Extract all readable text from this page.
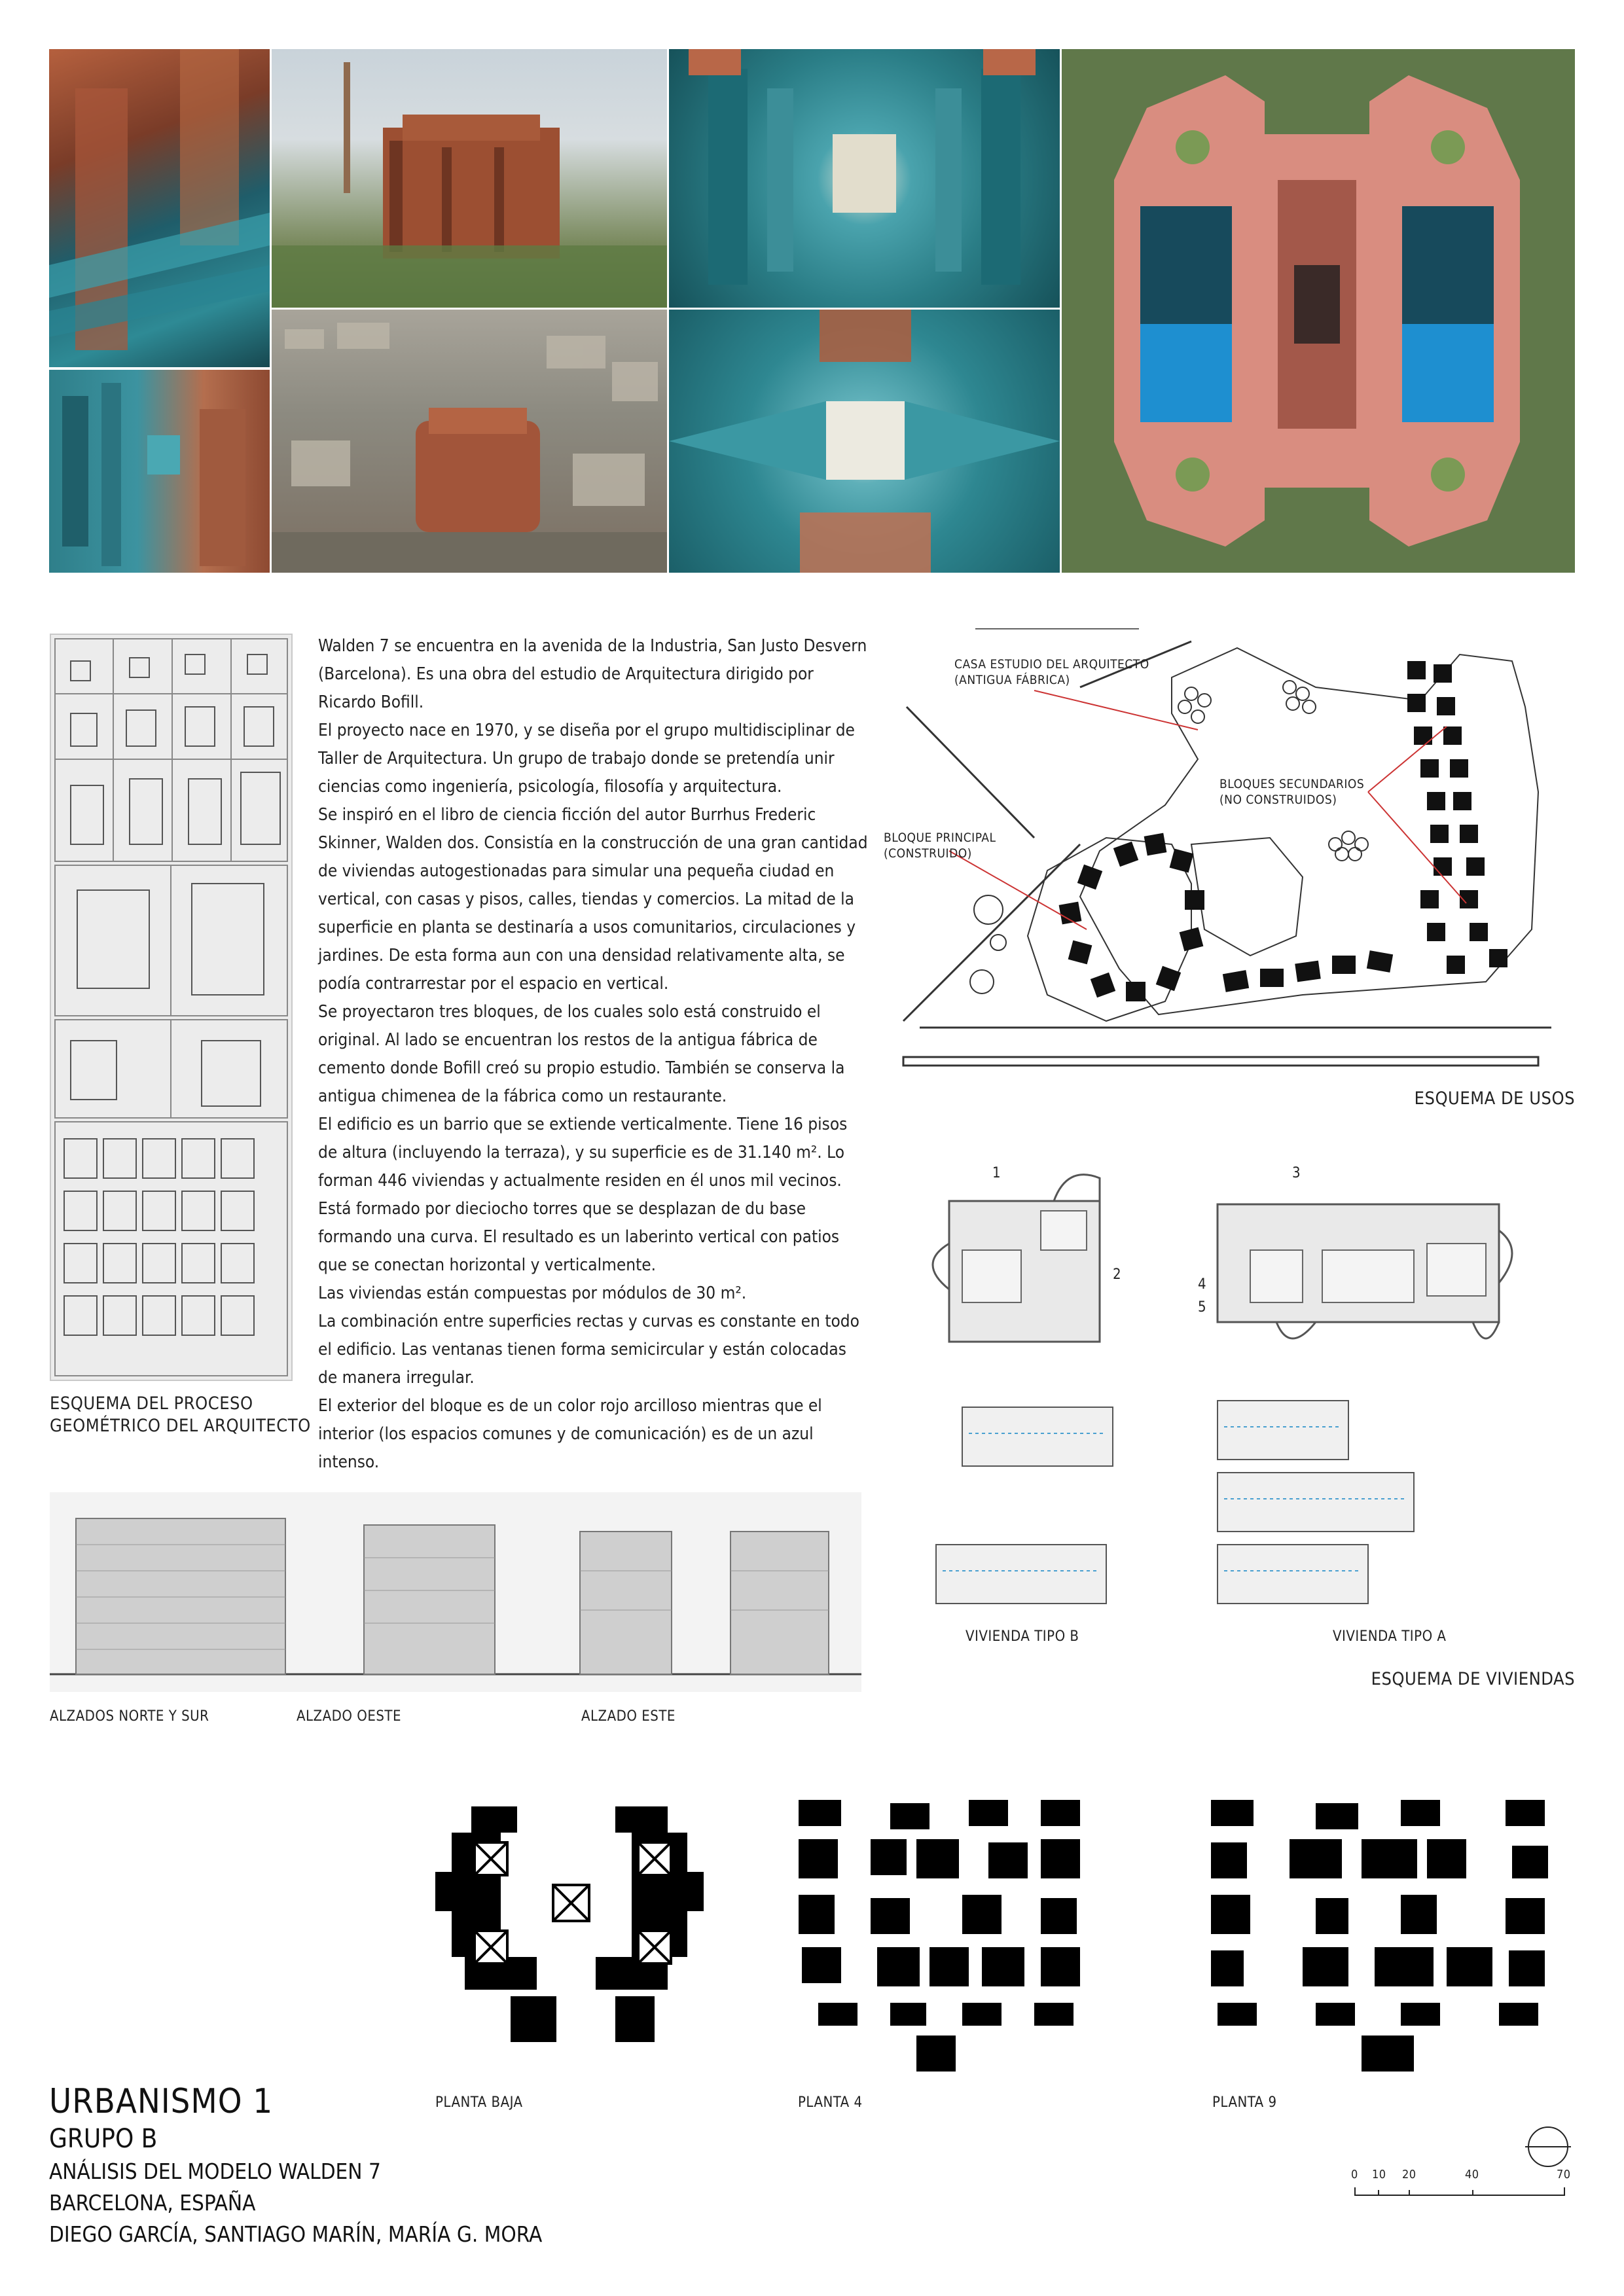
ESQUEMA DEL PROCESO
GEOMÉTRICO DEL ARQUITECTO

Walden 7 se encuentra en la avenida de la Industria, San Justo Desvern (Barcelona). Es una obra del estudio de Arquitectura dirigido por Ricardo Bofill.

El proyecto nace en 1970, y se diseña por el grupo multidisciplinar de Taller de Arquitectura. Un grupo de trabajo donde se pretendía unir ciencias como ingeniería, psicología, filosofía y arquitectura.

Se inspiró en el libro de ciencia ficción del autor Burrhus Frederic Skinner, Walden dos. Consistía en la construcción de una gran cantidad de viviendas autogestionadas para simular una pequeña ciudad en vertical, con casas y pisos, calles, tiendas y comercios. La mitad de la superficie en planta se destinaría a usos comunitarios, circulaciones y jardines. De esta forma aun con una densidad relativamente alta, se podía contrarrestar por el espacio en vertical.

Se proyectaron tres bloques, de los cuales solo está construido el original. Al lado se encuentran los restos de la antigua fábrica de cemento donde Bofill creó su propio estudio. También se conserva la antigua chimenea de la fábrica como un restaurante.

El edificio es un barrio que se extiende verticalmente. Tiene 16 pisos de altura (incluyendo la terraza), y su superficie es de 31.140 m². Lo forman 446 viviendas y actualmente residen en él unos mil vecinos.

Está formado por dieciocho torres que se desplazan de du base formando una curva. El resultado es un laberinto vertical con patios que se conectan horizontal y verticalmente.

Las viviendas están compuestas por módulos de 30 m².

La combinación entre superficies rectas y curvas es constante en todo el edificio. Las ventanas tienen forma semicircular y están colocadas de manera irregular.

El exterior del bloque es de un color rojo arcilloso mientras que el interior (los espacios comunes y de comunicación) es de un azul intenso.

CASA ESTUDIO DEL ARQUITECTO
(ANTIGUA FÁBRICA)
BLOQUES SECUNDARIOS
(NO CONSTRUIDOS)
BLOQUE PRINCIPAL
(CONSTRUIDO)
ESQUEMA DE USOS
1
2
3
4
5
VIVIENDA TIPO B	VIVIENDA TIPO A
ESQUEMA DE VIVIENDAS
ALZADOS NORTE Y SUR	ALZADO OESTE	ALZADO ESTE
PLANTA BAJA	PLANTA 4	PLANTA 9
URBANISMO 1
GRUPO B
ANÁLISIS DEL MODELO WALDEN 7
BARCELONA, ESPAÑA
DIEGO GARCÍA, SANTIAGO MARÍN, MARÍA G. MORA
0 10 20	40	70
